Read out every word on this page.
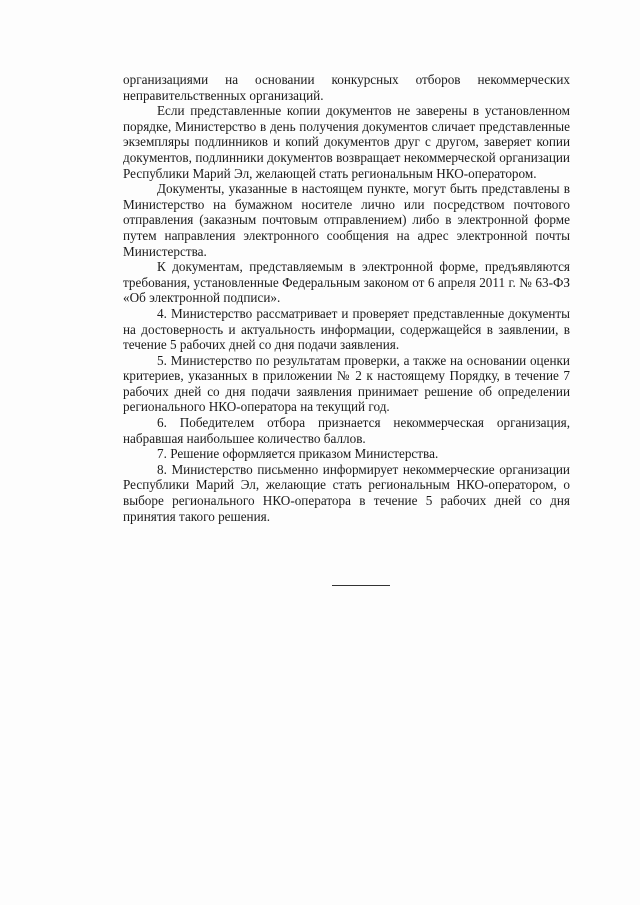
организациями на основании конкурсных отборов некоммерческих неправительственных организаций.

Если представленные копии документов не заверены в установленном порядке, Министерство в день получения документов сличает представленные экземпляры подлинников и копий документов друг с другом, заверяет копии документов, подлинники документов возвращает некоммерческой организации Республики Марий Эл, желающей стать региональным НКО-оператором.

Документы, указанные в настоящем пункте, могут быть представлены в Министерство на бумажном носителе лично или посредством почтового отправления (заказным почтовым отправлением) либо в электронной форме путем направления электронного сообщения на адрес электронной почты Министерства.

К документам, представляемым в электронной форме, предъявляются требования, установленные Федеральным законом от 6 апреля 2011 г. № 63-ФЗ «Об электронной подписи».

4. Министерство рассматривает и проверяет представленные документы на достоверность и актуальность информации, содержащейся в заявлении, в течение 5 рабочих дней со дня подачи заявления.

5. Министерство по результатам проверки, а также на основании оценки критериев, указанных в приложении № 2 к настоящему Порядку, в течение 7 рабочих дней со дня подачи заявления принимает решение об определении регионального НКО-оператора на текущий год.

6. Победителем отбора признается некоммерческая организация, набравшая наибольшее количество баллов.

7. Решение оформляется приказом Министерства.

8. Министерство письменно информирует некоммерческие организации Республики Марий Эл, желающие стать региональным НКО-оператором, о выборе регионального НКО-оператора в течение 5 рабочих дней со дня принятия такого решения.
